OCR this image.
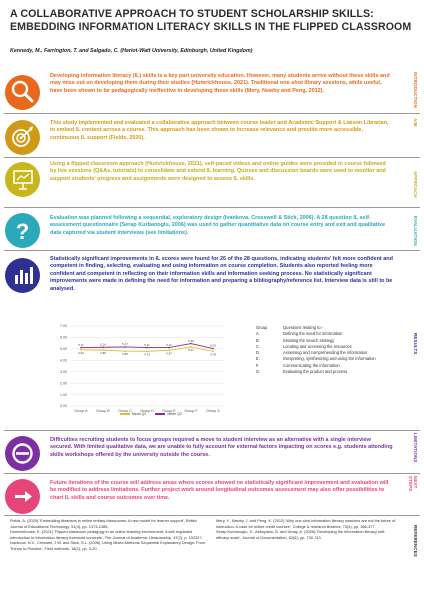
A COLLABORATIVE APPROACH TO STUDENT SCHOLARSHIP SKILLS: EMBEDDING INFORMATION LITERACY SKILLS IN THE FLIPPED CLASSROOM
Kennedy, M., Farrington, T. and Salgado, C. (Heriot-Watt University, Edinburgh, United Kingdom)
Developing information literacy (IL) skills is a key part university education. However, many students arrive without these skills and may miss out on developing them during their studies (Humrickhouse, 2021). Traditional one-shot library sessions, while useful, have been shown to be pedagogically ineffective in developing these skills (Mery, Newby and Peng, 2012).	INTRODUCTION
This study implemented and evaluated a collaborative approach between course leader and Academic Support & Liaison Librarian, to embed IL content across a course. This approach has been shown to increase relevance and provide more accessible, continuous IL support (Fields, 2020).
AIM
Using a flipped classroom approach (Humrickhouse, 2021), self-paced videos and online guides were provided in course followed by live sessions (Q&As, tutorials) to consolidate and extend IL learning. Quizzes and discussion boards were used to monitor and support students' progress and assignments were designed to assess IL skills.	APPROACH
?
Evaluation was planned following a sequential, exploratory design (Ivankova, Cresswell & Stick, 2006). A 28 question IL self-assessment questionnaire (Serap Kurbanoglu, 2006) was used to gather quantitative data on course entry and exit and qualitative data captured via student interviews (see limitations).	EVALUATION
Statistically significant improvements in IL scores were found for 26 of the 28 questions, indicating students' felt more confident and competent in finding, selecting, evaluating and using information on course completion. Students also reported feeling more confident and competent in reflecting on their information skills and information seeking process. No statistically significant improvements were made in defining the need for information and preparing a bibliography/reference list. Interview data is still to be analysed.
RESULTS
7.00
6.00
5.00
4.00
3.00
2.00
1.00
0.00
Group A Group B Group C Group D Group E Group F Group G
4.92	4.89	4.80	4.79	4.87
5.17
4.78
5.11	5.14	5.17	5.11	5.11
5.46
5.03
Mean Q1	Mean Q2
Group	Questions relating to:-
A.	Defining the need for information
B.	Initiating the search strategy
C.	Locating and accessing the resources
D.	Assessing and comprehending the information
E.	Interpreting, synthesizing and using the information
F.	Communicating the information
G.	Evaluating the product and process
Difficulties recruiting students to focus groups required a move to student interview as an alternative with a single interview secured. With limited qualitative data, we are unable to fully account for external factors impacting on scores e.g. students attending skills workshops offered by the university outside the course.	LIMITATIONS
Future iterations of the course will address areas where scores showed no statistically significant improvement and evaluation will be modified to address limitations. Further project work around longitudinal outcomes assessment may also offer possibilities to chart IL skills and course outcomes over time.
NEXT STEPS
Fields, A. (2020) 'Embedding librarians in online tertiary classrooms: A new model for learner support', British Journal of Educational Technology, 51(4), pp. 1373-1385.
Humrickhouse, E. (2021) 'Flipped classroom pedagogy in an online learning environment: A self-regulated introduction to information literacy threshold concepts', The Journal of Academic Librarianship, 47(2), p. 102327.
Ivankova, N.V., Creswell, J.W. and Stick, S.L. (2006) 'Using Mixed-Methods Sequential Explanatory Design: From Theory to Practice', Field methods, 18(1), pp. 3-20.
Mery, Y., Newby, J. and Peng, K. (2012) 'Why one-shot information literacy sessions are not the future of instruction: A case for online credit courses', College & research libraries, 73(4), pp. 366-377.
Serap Kurbanoglu, S., Akkoyunlu, B. and Umay, A. (2006) 'Developing the information literacy self-efficacy scale', Journal of Documentation, 62(6), pp. 730-743.	REFERENCES
